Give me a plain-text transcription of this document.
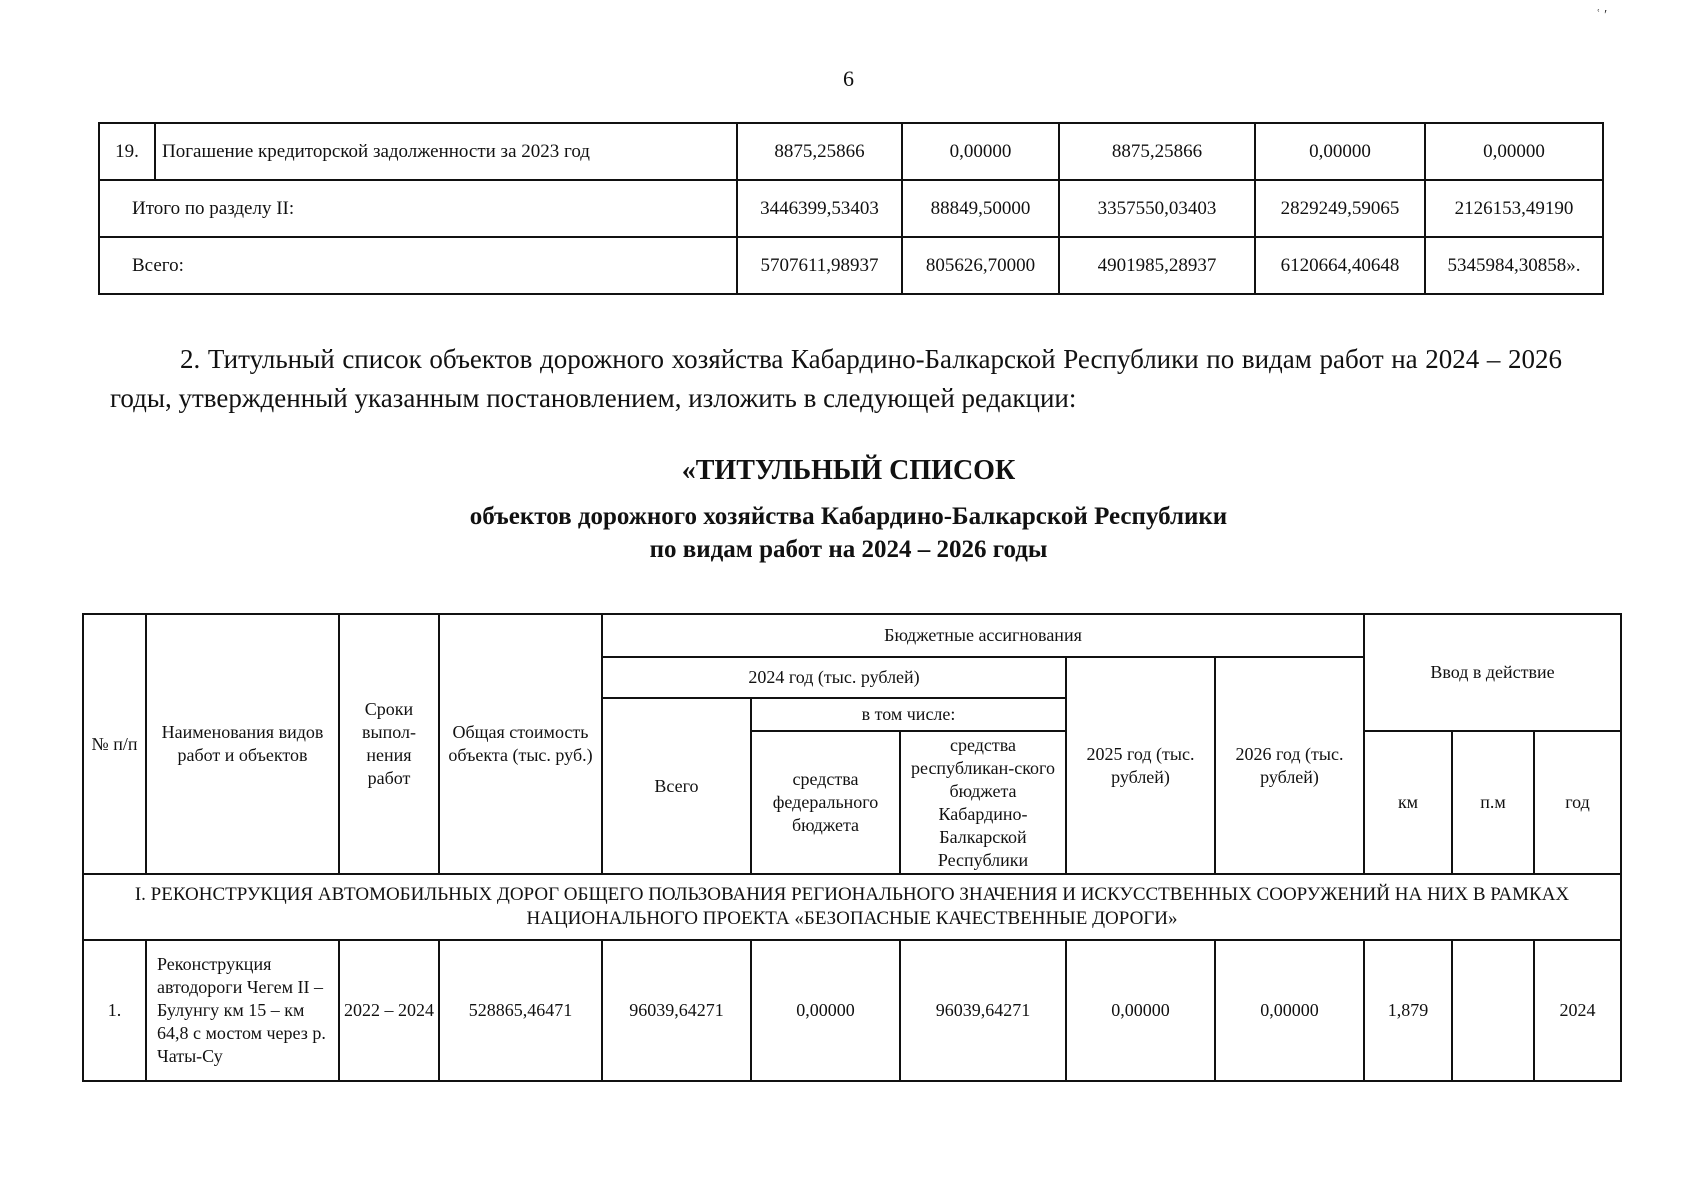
6
ʿ ′
19.	Погашение кредиторской задолженности за 2023 год	8875,25866	0,00000	8875,25866	0,00000	0,00000
Итого по разделу II:		3446399,53403	88849,50000	3357550,03403	2829249,59065	2126153,49190
Всего:		5707611,98937	805626,70000	4901985,28937	6120664,40648	5345984,30858».
2. Титульный список объектов дорожного хозяйства Кабардино-Балкарской Республики по видам работ на 2024 – 2026 годы, утвержденный указанным постановлением, изложить в следующей редакции:
«ТИТУЛЬНЫЙ СПИСОК
объектов дорожного хозяйства Кабардино-Балкарской Республики
по видам работ на 2024 – 2026 годы
№ п/п	Наименования видов работ и объектов	Сроки выпол-нения работ	Общая стоимость объекта (тыс. руб.)	Бюджетные ассигнования					Ввод в действие		
				2024 год (тыс. рублей)			2025 год (тыс. рублей)	2026 год (тыс. рублей)			
				Всего	в том числе:						
					средства федерального бюджета	средства республикан-ского бюджета Кабардино-Балкарской Республики			км	п.м	год

I. РЕКОНСТРУКЦИЯ АВТОМОБИЛЬНЫХ ДОРОГ ОБЩЕГО ПОЛЬЗОВАНИЯ РЕГИОНАЛЬНОГО ЗНАЧЕНИЯ И ИСКУССТВЕННЫХ СООРУЖЕНИЙ НА НИХ В РАМКАХ НАЦИОНАЛЬНОГО ПРОЕКТА «БЕЗОПАСНЫЕ КАЧЕСТВЕННЫЕ ДОРОГИ»											
1.	Реконструкция автодороги Чегем II – Булунгу км 15 – км 64,8 с мостом через р. Чаты-Су	2022 – 2024	528865,46471	96039,64271	0,00000	96039,64271	0,00000	0,00000	1,879		2024
